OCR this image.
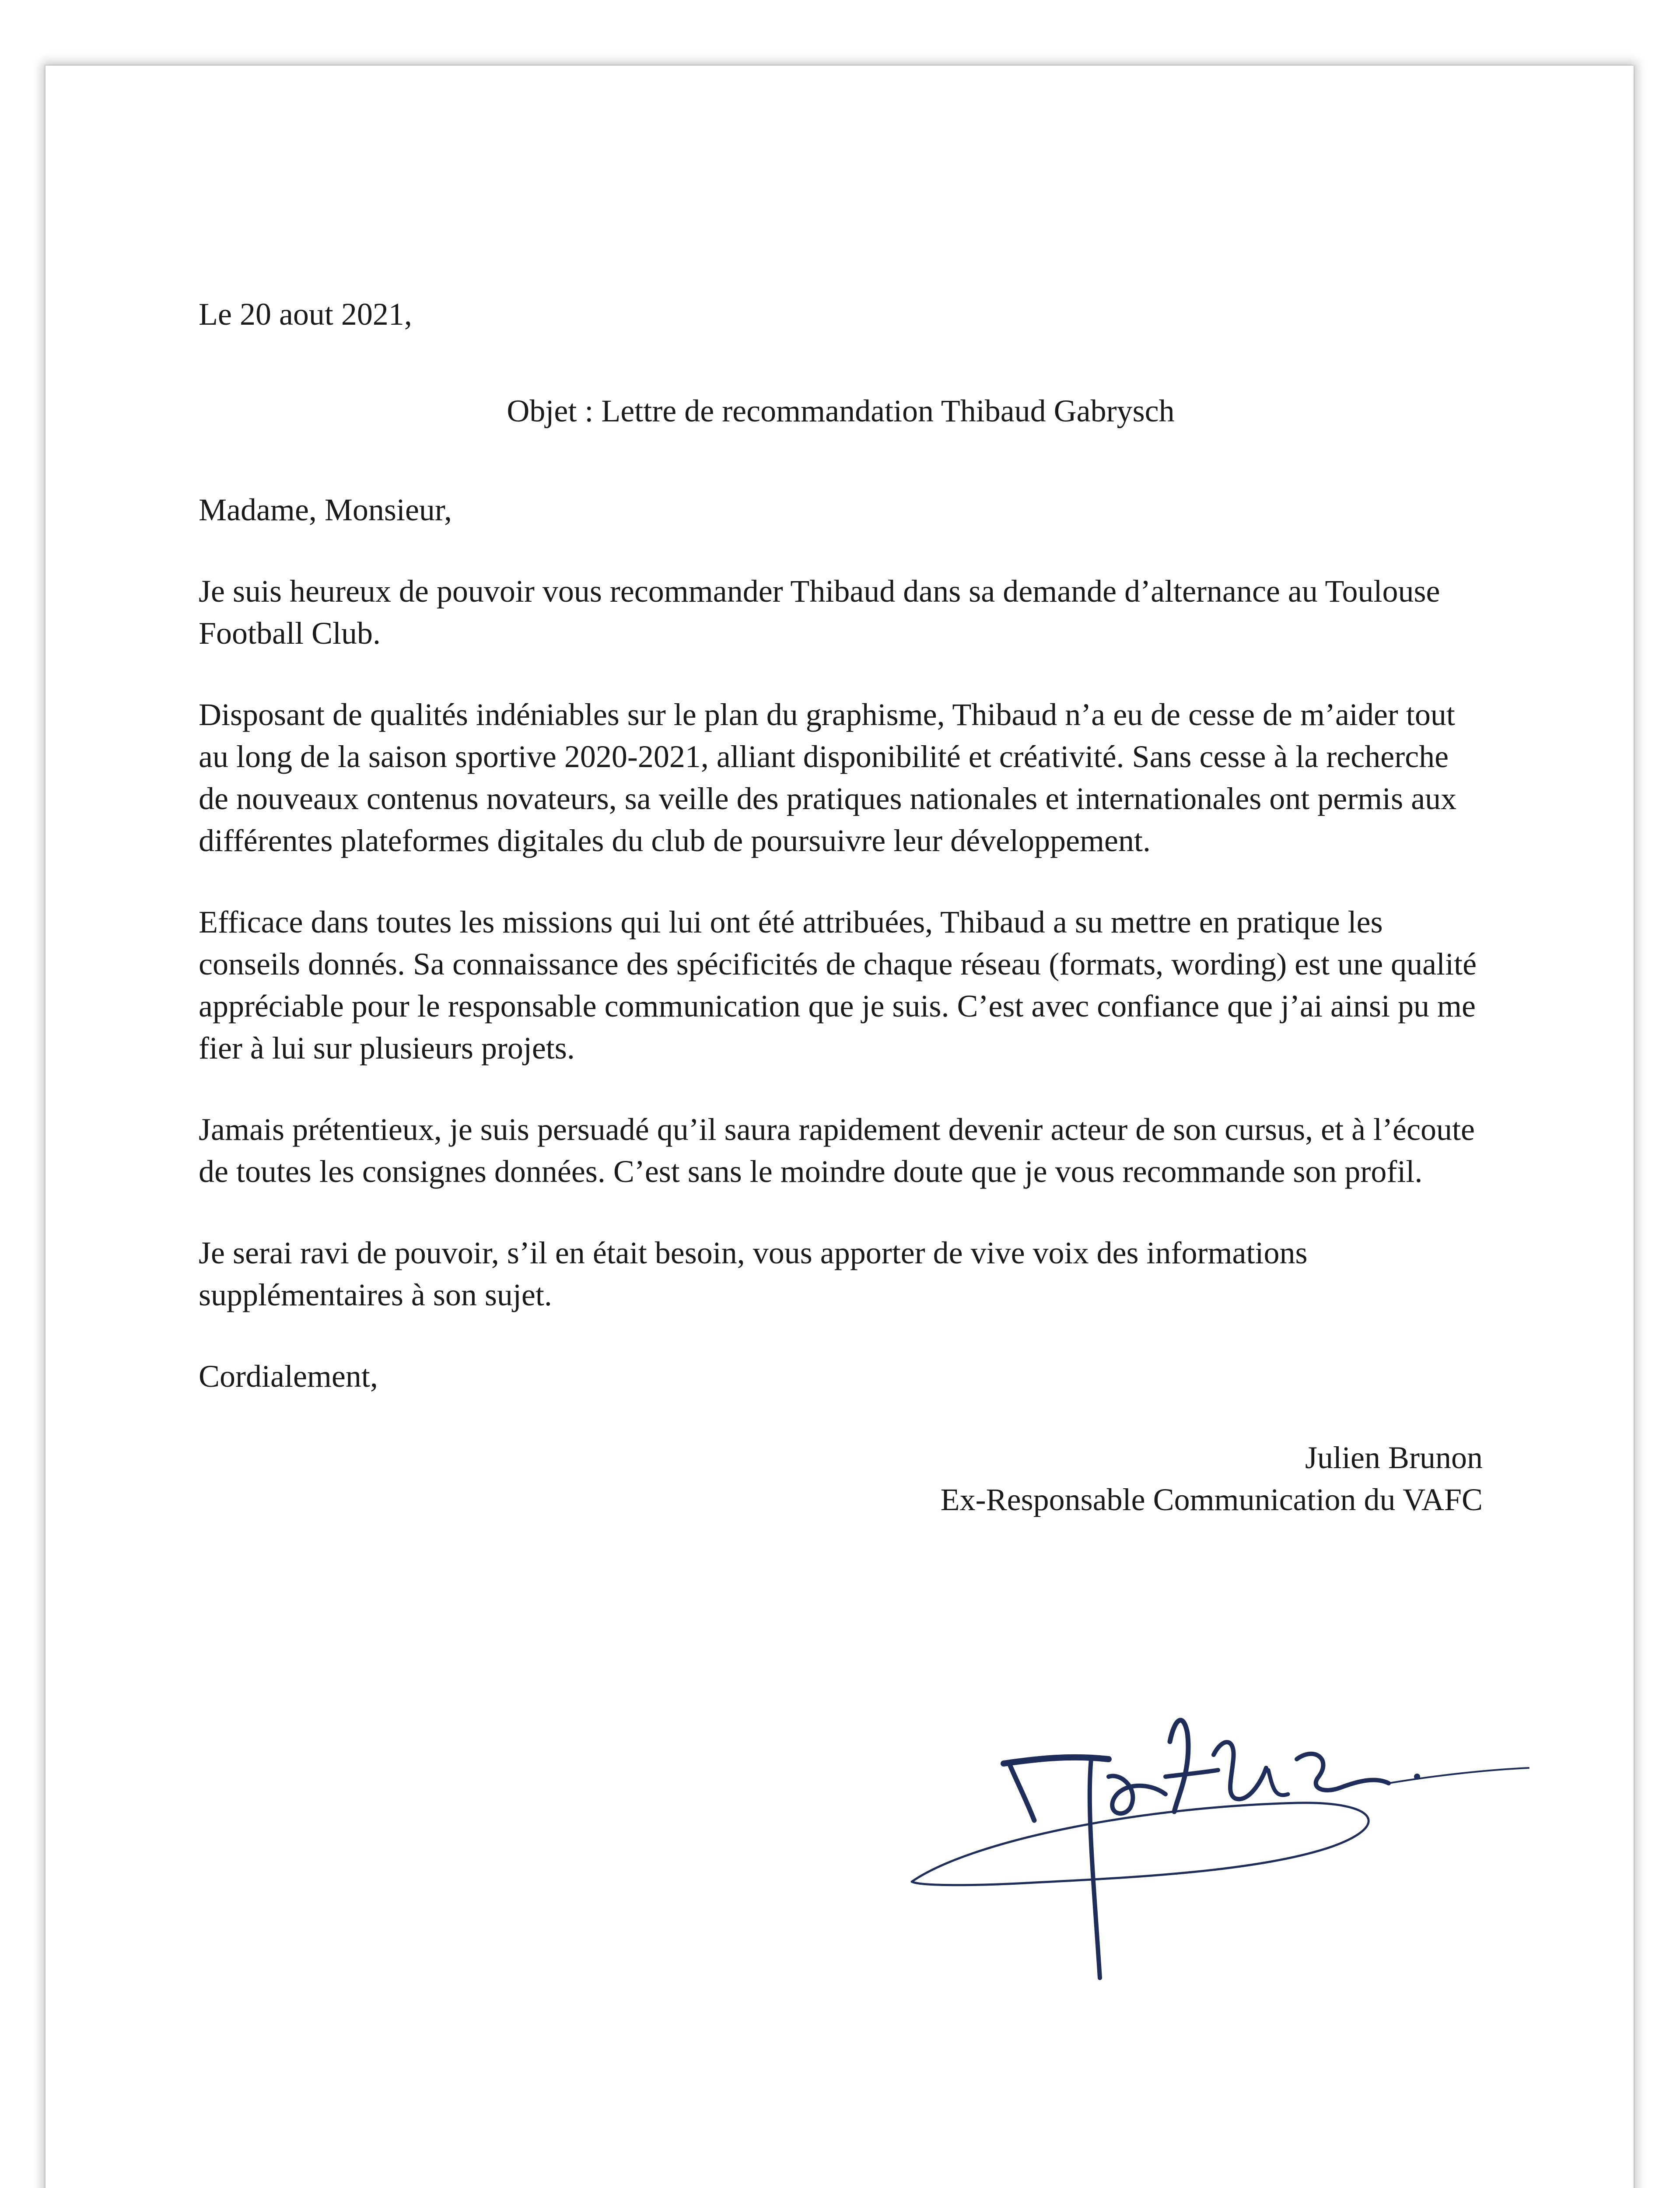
Le 20 aout 2021,

Objet : Lettre de recommandation Thibaud Gabrysch

Madame, Monsieur,

Je suis heureux de pouvoir vous recommander Thibaud dans sa demande d’alternance au Toulouse Football Club.

Disposant de qualités indéniables sur le plan du graphisme, Thibaud n’a eu de cesse de m’aider tout au long de la saison sportive 2020-2021, alliant disponibilité et créativité. Sans cesse à la recherche de nouveaux contenus novateurs, sa veille des pratiques nationales et internationales ont permis aux différentes plateformes digitales du club de poursuivre leur développement.

Efficace dans toutes les missions qui lui ont été attribuées, Thibaud a su mettre en pratique les conseils donnés. Sa connaissance des spécificités de chaque réseau (formats, wording) est une qualité appréciable pour le responsable communication que je suis. C’est avec confiance que j’ai ainsi pu me fier à lui sur plusieurs projets.

Jamais prétentieux, je suis persuadé qu’il saura rapidement devenir acteur de son cursus, et à l’écoute de toutes les consignes données. C’est sans le moindre doute que je vous recommande son profil.

Je serai ravi de pouvoir, s’il en était besoin, vous apporter de vive voix des informations supplémentaires à son sujet.

Cordialement,

Julien Brunon
Ex-Responsable Communication du VAFC
